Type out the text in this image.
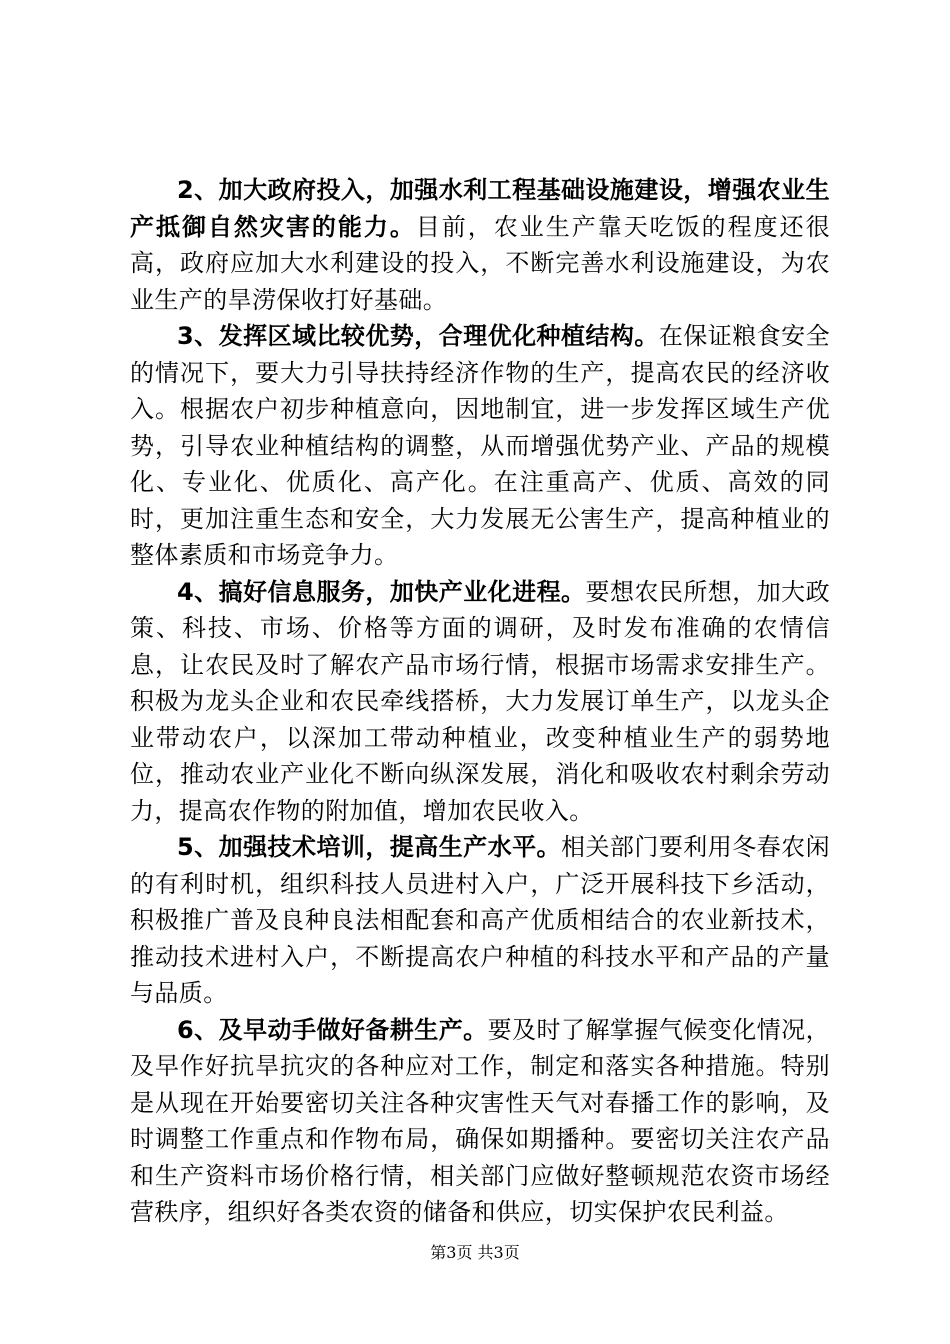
2、加大政府投入，加强水利工程基础设施建设，增强农业生产抵御自然灾害的能力。目前，农业生产靠天吃饭的程度还很高，政府应加大水利建设的投入，不断完善水利设施建设，为农业生产的旱涝保收打好基础。

3、发挥区域比较优势，合理优化种植结构。在保证粮食安全的情况下，要大力引导扶持经济作物的生产，提高农民的经济收入。根据农户初步种植意向，因地制宜，进一步发挥区域生产优势，引导农业种植结构的调整，从而增强优势产业、产品的规模化、专业化、优质化、高产化。在注重高产、优质、高效的同时，更加注重生态和安全，大力发展无公害生产，提高种植业的整体素质和市场竞争力。

4、搞好信息服务，加快产业化进程。要想农民所想，加大政策、科技、市场、价格等方面的调研，及时发布准确的农情信息，让农民及时了解农产品市场行情，根据市场需求安排生产。积极为龙头企业和农民牵线搭桥，大力发展订单生产，以龙头企业带动农户，以深加工带动种植业，改变种植业生产的弱势地位，推动农业产业化不断向纵深发展，消化和吸收农村剩余劳动力，提高农作物的附加值，增加农民收入。

5、加强技术培训，提高生产水平。相关部门要利用冬春农闲的有利时机，组织科技人员进村入户，广泛开展科技下乡活动，积极推广普及良种良法相配套和高产优质相结合的农业新技术，推动技术进村入户，不断提高农户种植的科技水平和产品的产量与品质。

6、及早动手做好备耕生产。要及时了解掌握气候变化情况，及早作好抗旱抗灾的各种应对工作，制定和落实各种措施。特别是从现在开始要密切关注各种灾害性天气对春播工作的影响，及时调整工作重点和作物布局，确保如期播种。要密切关注农产品和生产资料市场价格行情，相关部门应做好整顿规范农资市场经营秩序，组织好各类农资的储备和供应，切实保护农民利益。

第3页 共3页
